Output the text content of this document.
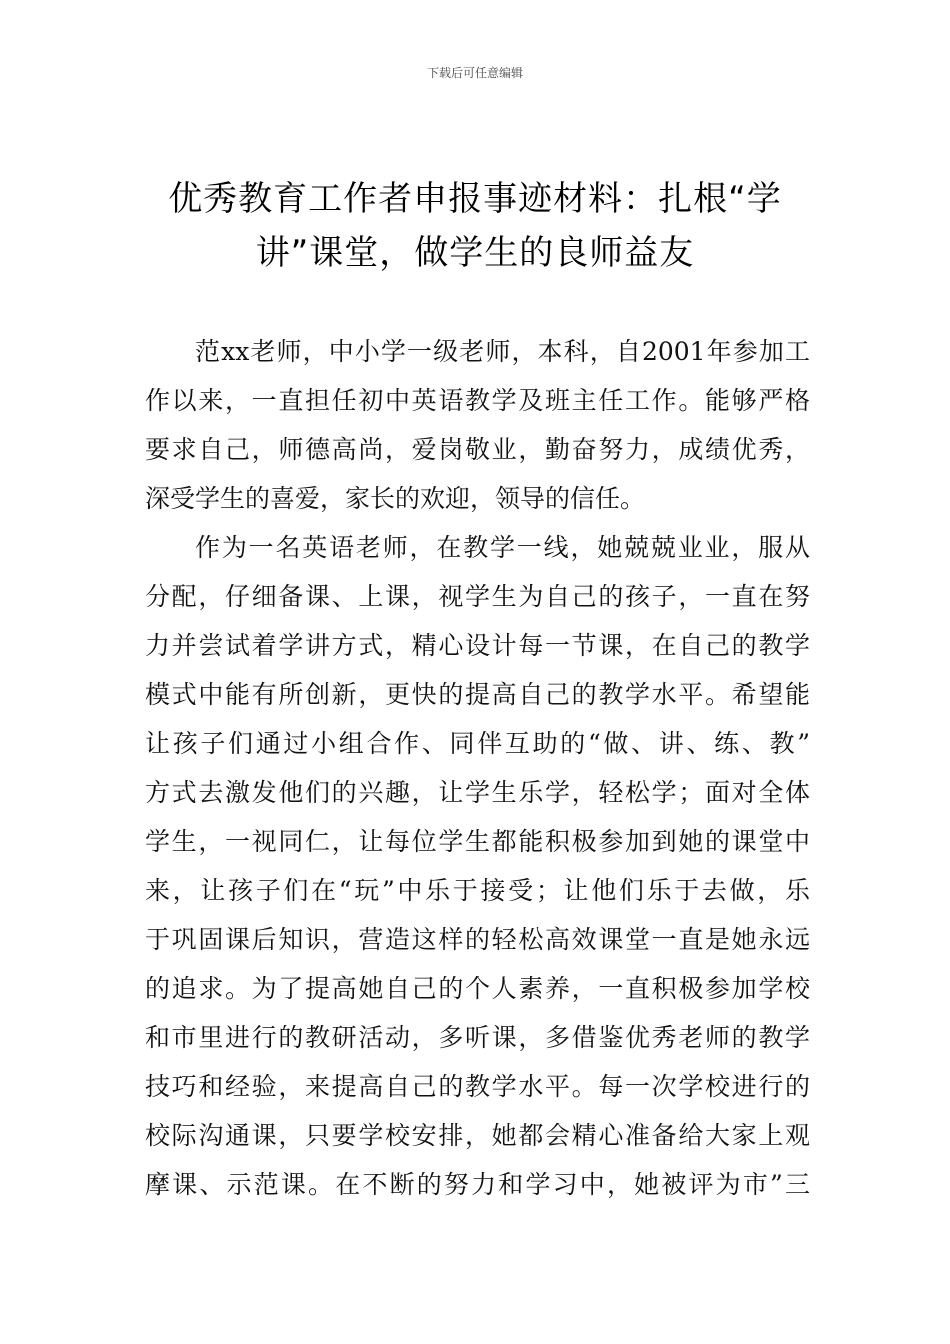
下载后可任意编辑
优秀教育工作者申报事迹材料：扎根“学
讲”课堂，做学生的良师益友
范xx老师，中小学一级老师，本科，自2001年参加工
作以来，一直担任初中英语教学及班主任工作。能够严格
要求自己，师德高尚，爱岗敬业，勤奋努力，成绩优秀，
深受学生的喜爱，家长的欢迎，领导的信任。
作为一名英语老师，在教学一线，她兢兢业业，服从
分配，仔细备课、上课，视学生为自己的孩子，一直在努
力并尝试着学讲方式，精心设计每一节课，在自己的教学
模式中能有所创新，更快的提高自己的教学水平。希望能
让孩子们通过小组合作、同伴互助的“做、讲、练、教”
方式去激发他们的兴趣，让学生乐学，轻松学；面对全体
学生，一视同仁，让每位学生都能积极参加到她的课堂中
来，让孩子们在“玩”中乐于接受；让他们乐于去做，乐
于巩固课后知识，营造这样的轻松高效课堂一直是她永远
的追求。为了提高她自己的个人素养，一直积极参加学校
和市里进行的教研活动，多听课，多借鉴优秀老师的教学
技巧和经验，来提高自己的教学水平。每一次学校进行的
校际沟通课，只要学校安排，她都会精心准备给大家上观
摩课、示范课。在不断的努力和学习中，她被评为市”三
